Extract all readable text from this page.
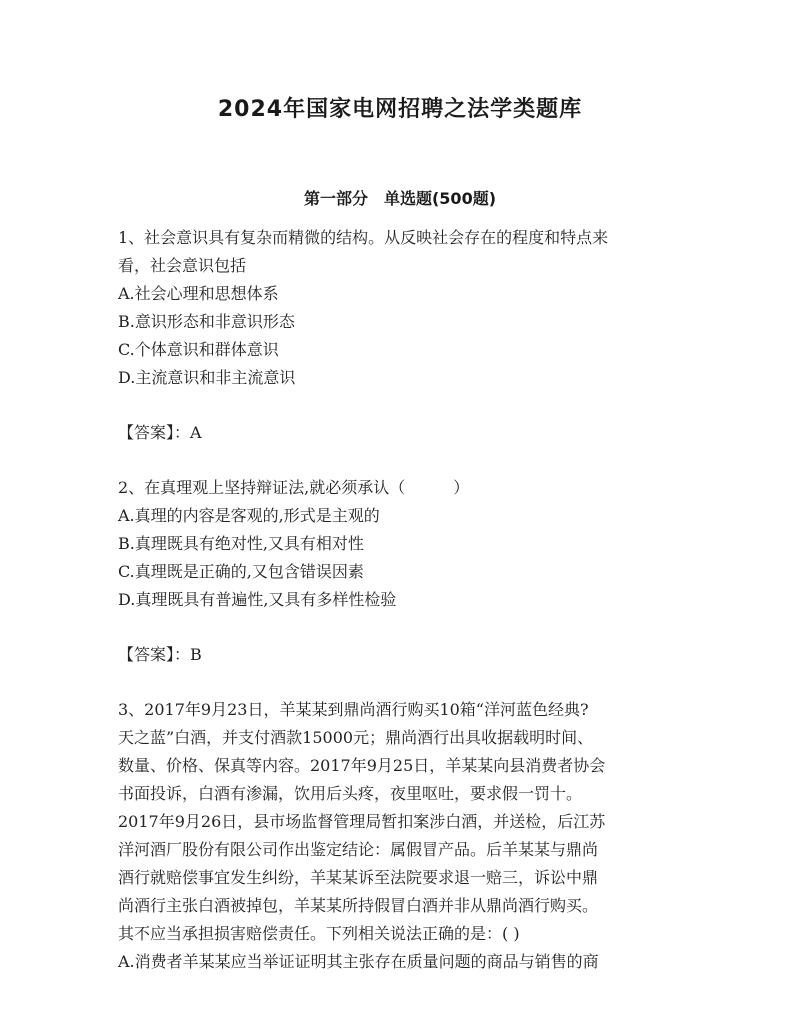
2024年国家电网招聘之法学类题库
第一部分　单选题(500题)
1、社会意识具有复杂而精微的结构。从反映社会存在的程度和特点来
看，社会意识包括
A.社会心理和思想体系
B.意识形态和非意识形态
C.个体意识和群体意识
D.主流意识和非主流意识
【答案】：A
2、在真理观上坚持辩证法,就必须承认（　　　）
A.真理的内容是客观的,形式是主观的
B.真理既具有绝对性,又具有相对性
C.真理既是正确的,又包含错误因素
D.真理既具有普遍性,又具有多样性检验
【答案】：B
3、2017年9月23日，羊某某到鼎尚酒行购买10箱“洋河蓝色经典?
天之蓝”白酒，并支付酒款15000元；鼎尚酒行出具收据载明时间、
数量、价格、保真等内容。2017年9月25日，羊某某向县消费者协会
书面投诉，白酒有渗漏，饮用后头疼，夜里呕吐，要求假一罚十。
2017年9月26日，县市场监督管理局暂扣案涉白酒，并送检，后江苏
洋河酒厂股份有限公司作出鉴定结论：属假冒产品。后羊某某与鼎尚
酒行就赔偿事宜发生纠纷，羊某某诉至法院要求退一赔三，诉讼中鼎
尚酒行主张白酒被掉包，羊某某所持假冒白酒并非从鼎尚酒行购买。
其不应当承担损害赔偿责任。下列相关说法正确的是：( )
A.消费者羊某某应当举证证明其主张存在质量问题的商品与销售的商
